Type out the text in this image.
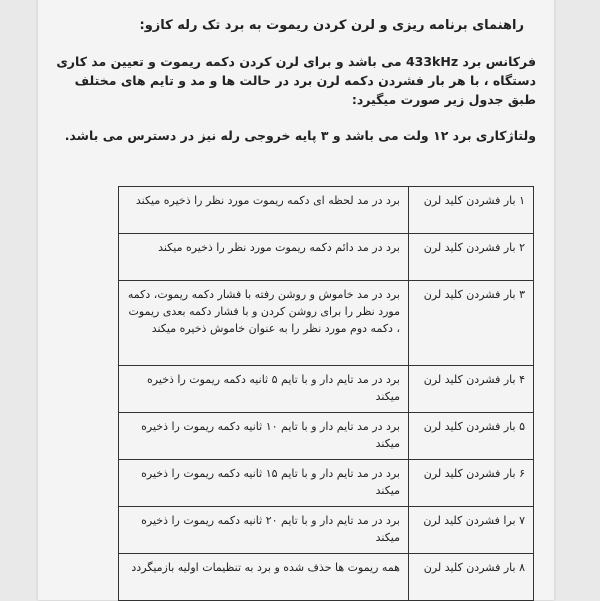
راهنمای برنامه ریزی و لرن کردن ریموت به برد تک رله کازو:

فرکانس برد 433kHz می باشد و برای لرن کردن دکمه ریموت و تعیین مد کاری دستگاه ، با هر بار فشردن دکمه لرن برد در حالت ها و مد و تایم های مختلف طبق جدول زیر صورت میگیرد:

ولتاژکاری برد ۱۲ ولت می باشد و ۳ پایه خروجی رله نیز در دسترس می باشد.

۱ بار فشردن کلید لرن	برد در مد لحظه ای دکمه ریموت مورد نظر را ذخیره میکند
۲ بار فشردن کلید لرن	برد در مد دائم دکمه ریموت مورد نظر را ذخیره میکند
۳ بار فشردن کلید لرن	برد در مد خاموش و روشن رفته با فشار دکمه ریموت، دکمه مورد نظر را برای روشن کردن و با فشار دکمه بعدی ریموت ، دکمه دوم مورد نظر را به عنوان خاموش ذخیره میکند
۴ بار فشردن کلید لرن	برد در مد تایم دار و با تایم ۵ ثانیه دکمه ریموت را ذخیره میکند
۵ بار فشردن کلید لرن	برد در مد تایم دار و با تایم ۱۰ ثانیه دکمه ریموت را ذخیره میکند
۶ بار فشردن کلید لرن	برد در مد تایم دار و با تایم ۱۵ ثانیه دکمه ریموت را ذخیره میکند
۷ برا فشردن کلید لرن	برد در مد تایم دار و با تایم ۲۰ ثانیه دکمه ریموت را ذخیره میکند
۸ بار فشردن کلید لرن	همه ریموت ها حذف شده و برد به تنظیمات اولیه بازمیگردد
